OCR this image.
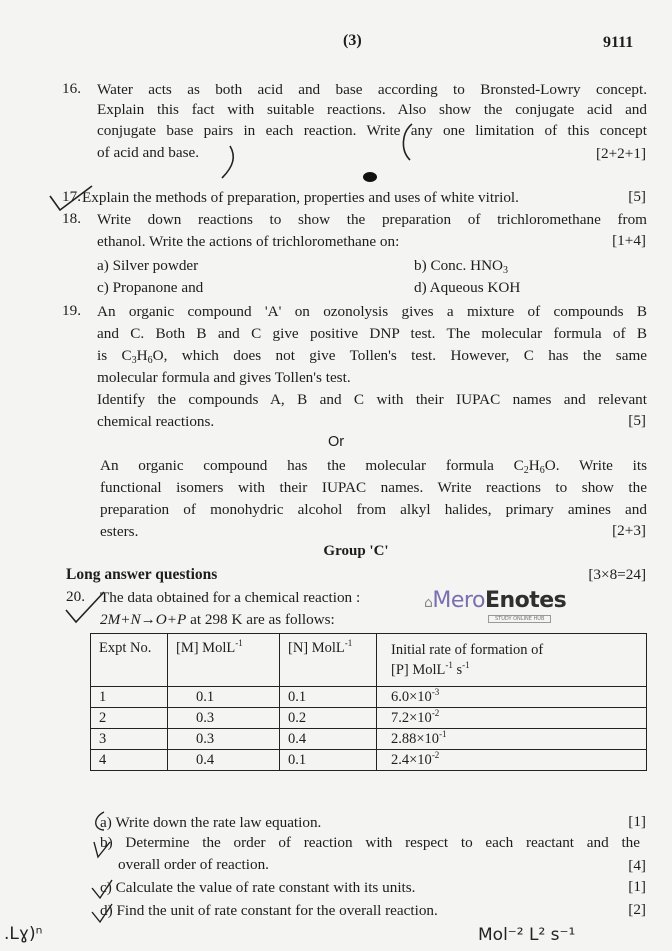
(3)	9111
16. Water acts as both acid and base according to Bronsted-Lowry concept.
Explain this fact with suitable reactions. Also show the conjugate acid and
conjugate base pairs in each reaction. Write any one limitation of this concept
of acid and base.	[2+2+1]
17. Explain the methods of preparation, properties and uses of white vitriol.	[5]
18. Write down reactions to show the preparation of trichloromethane from
ethanol. Write the actions of trichloromethane on:	[1+4]
a) Silver powder	b) Conc. $HNO_3$
c) Propanone and	d) Aqueous KOH
19. An organic compound 'A' on ozonolysis gives a mixture of compounds B
and C. Both B and C give positive DNP test. The molecular formula of B
is $C_3H_6O$, which does not give Tollen's test. However, C has the same
molecular formula and gives Tollen's test.
Identify the compounds A, B and C with their IUPAC names and relevant
chemical reactions.	[5]
Or
An organic compound has the molecular formula $C_2H_6O$. Write its
functional isomers with their IUPAC names. Write reactions to show the
preparation of monohydric alcohol from alkyl halides, primary amines and
esters.	[2+3]
Group 'C'
Long answer questions	[3×8=24]
20. The data obtained for a chemical reaction :
2M+N→O+P at 298 K are as follows:
Expt No.	[M] MolL$^{-1}$	[N] MolL$^{-1}$	Initial rate of formation of
[P] MolL$^{-1}$ $s^{-1}$
1	0.1	0.1	$6.0\times 10^{-3}$
2	0.3	0.2	$7.2\times 10^{-2}$
3	0.3	0.4	$2.88\times 10^{-1}$
4	0.4	0.1	$2.4\times 10^{-2}$
a) Write down the rate law equation.	[1]
b) Determine the order of reaction with respect to each reactant and the
overall order of reaction.	[4]
c) Calculate the value of rate constant with its units.	[1]
d) Find the unit of rate constant for the overall reaction.	[2]
⌂MeroEnotes
STUDY ONLINE HUB
Mol⁻² L² s⁻¹
.Lɣ)ⁿ
